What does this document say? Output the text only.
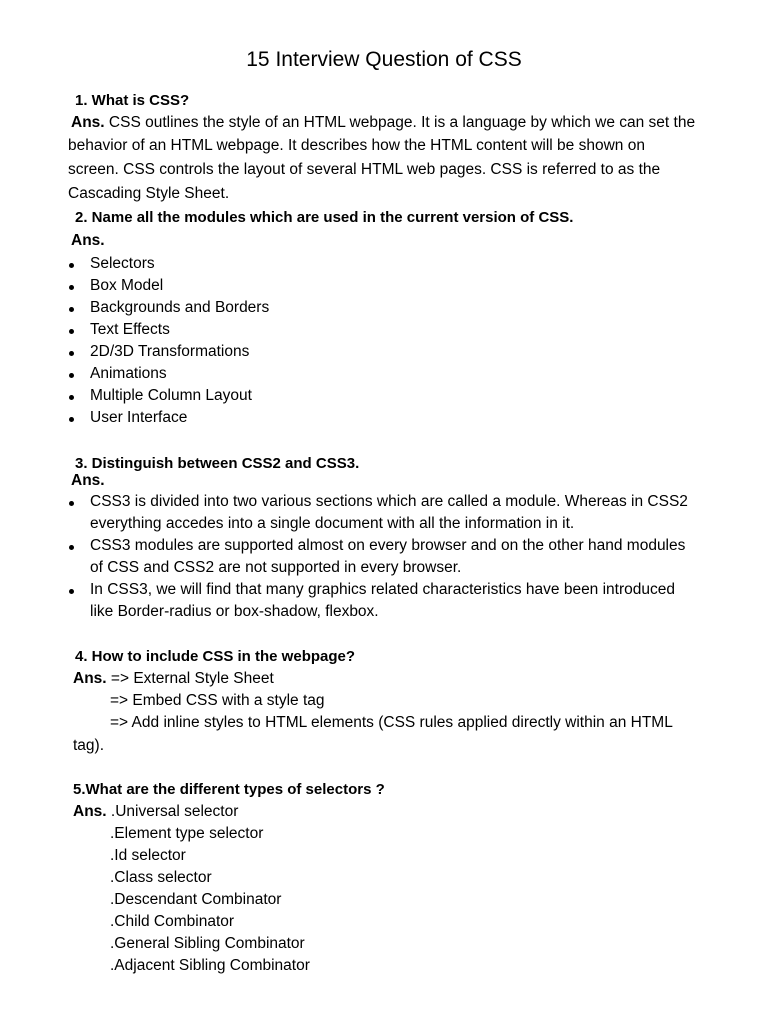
15 Interview Question of CSS
1. What is CSS?
Ans. CSS outlines the style of an HTML webpage. It is a language by which we can set the
behavior of an HTML webpage. It describes how the HTML content will be shown on
screen. CSS controls the layout of several HTML web pages. CSS is referred to as the
Cascading Style Sheet.
2. Name all the modules which are used in the current version of CSS.
Ans.
Selectors
Box Model
Backgrounds and Borders
Text Effects
2D/3D Transformations
Animations
Multiple Column Layout
User Interface
3. Distinguish between CSS2 and CSS3.
Ans.
CSS3 is divided into two various sections which are called a module. Whereas in CSS2
everything accedes into a single document with all the information in it.
CSS3 modules are supported almost on every browser and on the other hand modules
of CSS and CSS2 are not supported in every browser.
In CSS3, we will find that many graphics related characteristics have been introduced
like Border-radius or box-shadow, flexbox.
4. How to include CSS in the webpage?
Ans. => External Style Sheet
=> Embed CSS with a style tag
=> Add inline styles to HTML elements (CSS rules applied directly within an HTML
tag).
5.What are the different types of selectors ?
Ans. .Universal selector
.Element type selector
.Id selector
.Class selector
.Descendant Combinator
.Child Combinator
.General Sibling Combinator
.Adjacent Sibling Combinator
